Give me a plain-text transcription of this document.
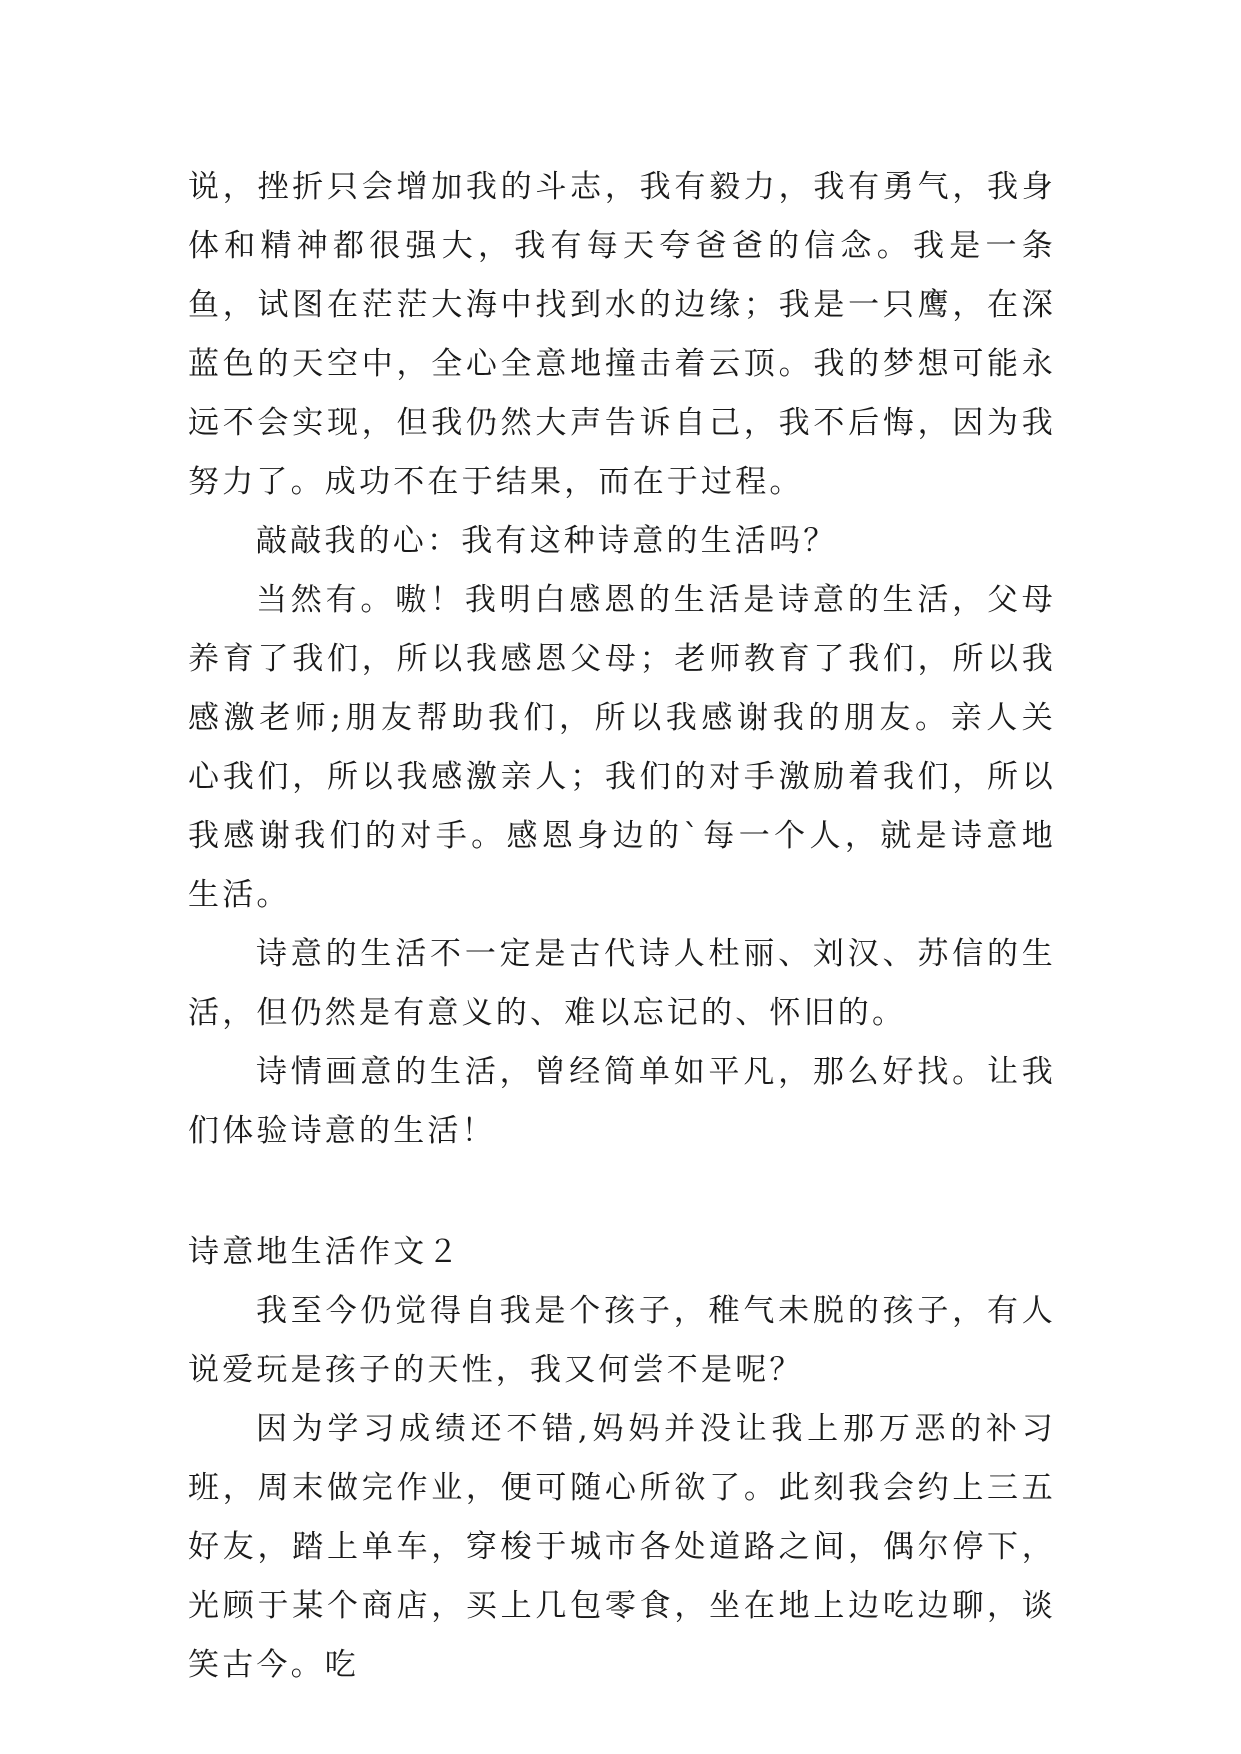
说，挫折只会增加我的斗志，我有毅力，我有勇气，我身体和精神都很强大，我有每天夸爸爸的信念。我是一条鱼，试图在茫茫大海中找到水的边缘；我是一只鹰，在深蓝色的天空中，全心全意地撞击着云顶。我的梦想可能永远不会实现，但我仍然大声告诉自己，我不后悔，因为我努力了。成功不在于结果，而在于过程。

敲敲我的心：我有这种诗意的生活吗？

当然有。嗷！我明白感恩的生活是诗意的生活，父母养育了我们，所以我感恩父母；老师教育了我们，所以我感激老师;朋友帮助我们，所以我感谢我的朋友。亲人关心我们，所以我感激亲人；我们的对手激励着我们，所以我感谢我们的对手。感恩身边的`每一个人，就是诗意地生活。

诗意的生活不一定是古代诗人杜丽、刘汉、苏信的生活，但仍然是有意义的、难以忘记的、怀旧的。

诗情画意的生活，曾经简单如平凡，那么好找。让我们体验诗意的生活！

诗意地生活作文２

我至今仍觉得自我是个孩子，稚气未脱的孩子，有人说爱玩是孩子的天性，我又何尝不是呢？

因为学习成绩还不错,妈妈并没让我上那万恶的补习班，周末做完作业，便可随心所欲了。此刻我会约上三五好友，踏上单车，穿梭于城市各处道路之间，偶尔停下，光顾于某个商店，买上几包零食，坐在地上边吃边聊，谈笑古今。吃
